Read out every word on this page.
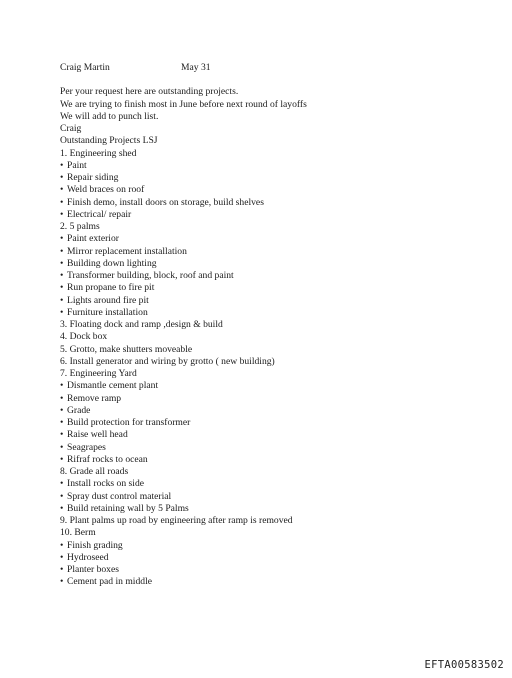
Craig Martin	May 31
Per your request here are outstanding projects.
We are trying to finish most in June before next round of layoffs
We will add to punch list.
Craig
Outstanding Projects LSJ
1. Engineering shed
• Paint
• Repair siding
• Weld braces on roof
• Finish demo, install doors on storage, build shelves
• Electrical/ repair
2. 5 palms
• Paint exterior
• Mirror replacement installation
• Building down lighting
• Transformer building, block, roof and paint
• Run propane to fire pit
• Lights around fire pit
• Furniture installation
3. Floating dock and ramp ,design & build
4. Dock box
5. Grotto, make shutters moveable
6. Install generator and wiring by grotto ( new building)
7. Engineering Yard
• Dismantle cement plant
• Remove ramp
• Grade
• Build protection for transformer
• Raise well head
• Seagrapes
• Rifraf rocks to ocean
8. Grade all roads
• Install rocks on side
• Spray dust control material
• Build retaining wall by 5 Palms
9. Plant palms up road by engineering after ramp is removed
10. Berm
• Finish grading
• Hydroseed
• Planter boxes
• Cement pad in middle
EFTA00583502
